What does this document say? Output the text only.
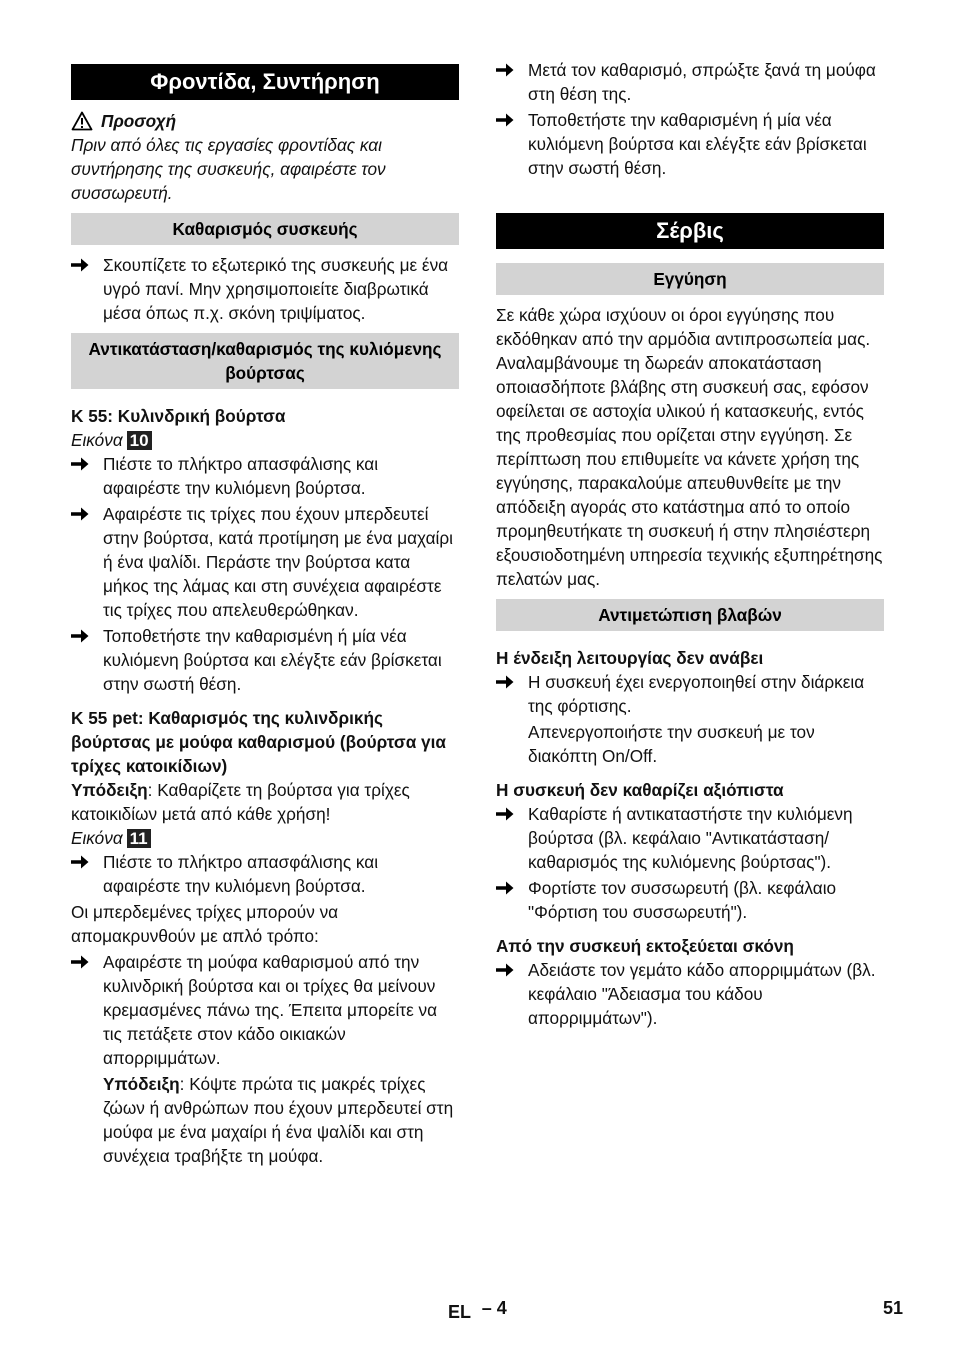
Φροντίδα, Συντήρηση
Προσοχή

Πριν από όλες τις εργασίες φροντίδας και συντήρησης της συσκευής, αφαιρέστε τον συσσωρευτή.

Καθαρισμός συσκευής
Σκουπίζετε το εξωτερικό της συσκευής με ένα υγρό πανί. Μην χρησιμοποιείτε διαβρωτικά μέσα όπως π.χ. σκόνη τριψίματος.
Αντικατάσταση/καθαρισμός της κυλιόμενης βούρτσας

K 55: Κυλινδρική βούρτσα

Εικόνα 10

Πιέστε το πλήκτρο απασφάλισης και αφαιρέστε την κυλιόμενη βούρτσα.
Αφαιρέστε τις τρίχες που έχουν μπερδευτεί στην βούρτσα, κατά προτίμηση με ένα μαχαίρι ή ένα ψαλίδι. Περάστε την βούρτσα κατα μήκος της λάμας και στη συνέχεια αφαιρέστε τις τρίχες που απελευθερώθηκαν.
Τοποθετήστε την καθαρισμένη ή μία νέα κυλιόμενη βούρτσα και ελέγξτε εάν βρίσκεται στην σωστή θέση.

K 55 pet: Καθαρισμός της κυλινδρικής βούρτσας με μούφα καθαρισμού (βούρτσα για τρίχες κατοικίδιων)

Υπόδειξη: Καθαρίζετε τη βούρτσα για τρίχες κατοικιδίων μετά από κάθε χρήση!

Εικόνα 11

Πιέστε το πλήκτρο απασφάλισης και αφαιρέστε την κυλιόμενη βούρτσα.

Οι μπερδεμένες τρίχες μπορούν να απομακρυνθούν με απλό τρόπο:

Αφαιρέστε τη μούφα καθαρισμού από την κυλινδρική βούρτσα και οι τρίχες θα μείνουν κρεμασμένες πάνω της. Έπειτα μπορείτε να τις πετάξετε στον κάδο οικιακών απορριμμάτων.

Υπόδειξη: Κόψτε πρώτα τις μακρές τρίχες ζώων ή ανθρώπων που έχουν μπερδευτεί στη μούφα με ένα μαχαίρι ή ένα ψαλίδι και στη συνέχεια τραβήξτε τη μούφα.

Μετά τον καθαρισμό, σπρώξτε ξανά τη μούφα στη θέση της.
Τοποθετήστε την καθαρισμένη ή μία νέα κυλιόμενη βούρτσα και ελέγξτε εάν βρίσκεται στην σωστή θέση.
Σέρβις
Εγγύηση

Σε κάθε χώρα ισχύουν οι όροι εγγύησης που εκδόθηκαν από την αρμόδια αντιπροσωπεία μας. Αναλαμβάνουμε τη δωρεάν αποκατάσταση οποιασδήποτε βλάβης στη συσκευή σας, εφόσον οφείλεται σε αστοχία υλικού ή κατασκευής, εντός της προθεσμίας που ορίζεται στην εγγύηση. Σε περίπτωση που επιθυμείτε να κάνετε χρήση της εγγύησης, παρακαλούμε απευθυνθείτε με την απόδειξη αγοράς στο κατάστημα από το οποίο προμηθευτήκατε τη συσκευή ή στην πλησιέστερη εξουσιοδοτημένη υπηρεσία τεχνικής εξυπηρέτησης πελατών μας.

Αντιμετώπιση βλαβών

Η ένδειξη λειτουργίας δεν ανάβει

Η συσκευή έχει ενεργοποιηθεί στην διάρκεια της φόρτισης.

Απενεργοποιήστε την συσκευή με τον διακόπτη On/Off.

Η συσκευή δεν καθαρίζει αξιόπιστα

Καθαρίστε ή αντικαταστήστε την κυλιόμενη βούρτσα (βλ. κεφάλαιο "Αντικατάσταση/καθαρισμός της κυλιόμενης βούρτσας").
Φορτίστε τον συσσωρευτή (βλ. κεφάλαιο "Φόρτιση του συσσωρευτή").

Από την συσκευή εκτοξεύεται σκόνη

Αδειάστε τον γεμάτο κάδο απορριμμάτων (βλ. κεφάλαιο "Άδειασμα του κάδου απορριμμάτων").
EL – 4	51
